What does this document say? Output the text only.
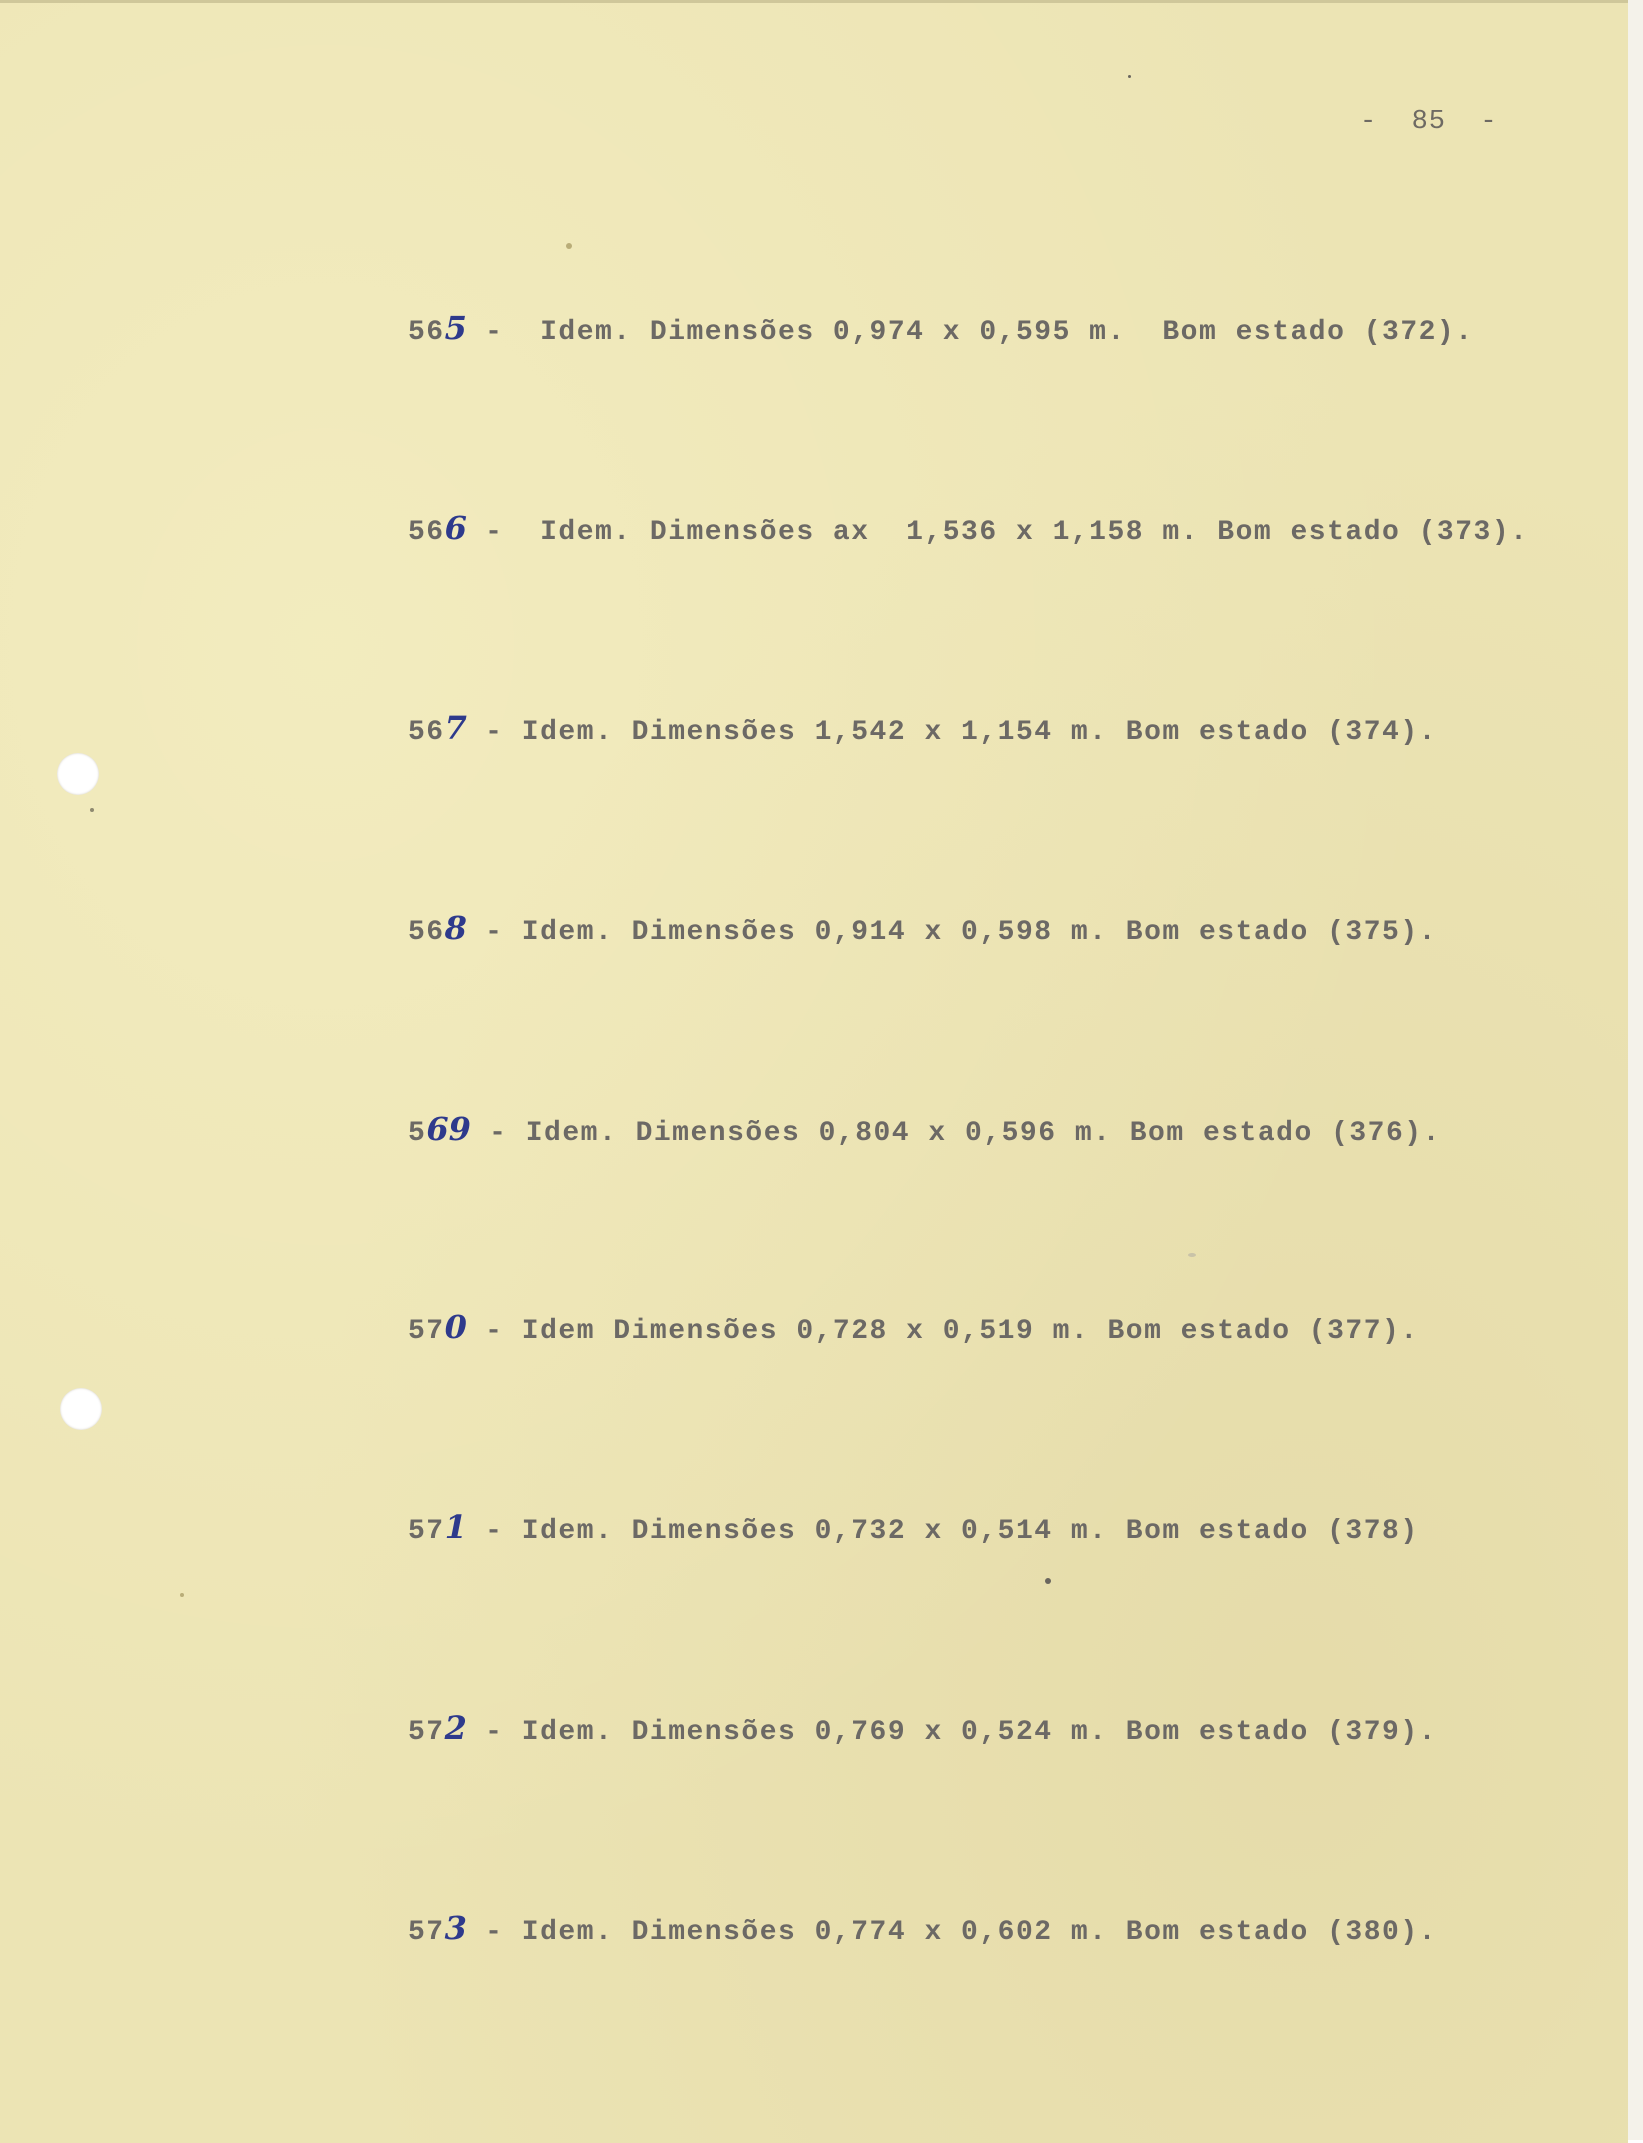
-  85  -
565 -  Idem. Dimensões 0,974 x 0,595 m.  Bom estado (372).
566 -  Idem. Dimensões ax  1,536 x 1,158 m. Bom estado (373).
567 - Idem. Dimensões 1,542 x 1,154 m. Bom estado (374).
568 - Idem. Dimensões 0,914 x 0,598 m. Bom estado (375).
569 - Idem. Dimensões 0,804 x 0,596 m. Bom estado (376).
570 - Idem Dimensões 0,728 x 0,519 m. Bom estado (377).
571 - Idem. Dimensões 0,732 x 0,514 m. Bom estado (378)
572 - Idem. Dimensões 0,769 x 0,524 m. Bom estado (379).
573 - Idem. Dimensões 0,774 x 0,602 m. Bom estado (380).
